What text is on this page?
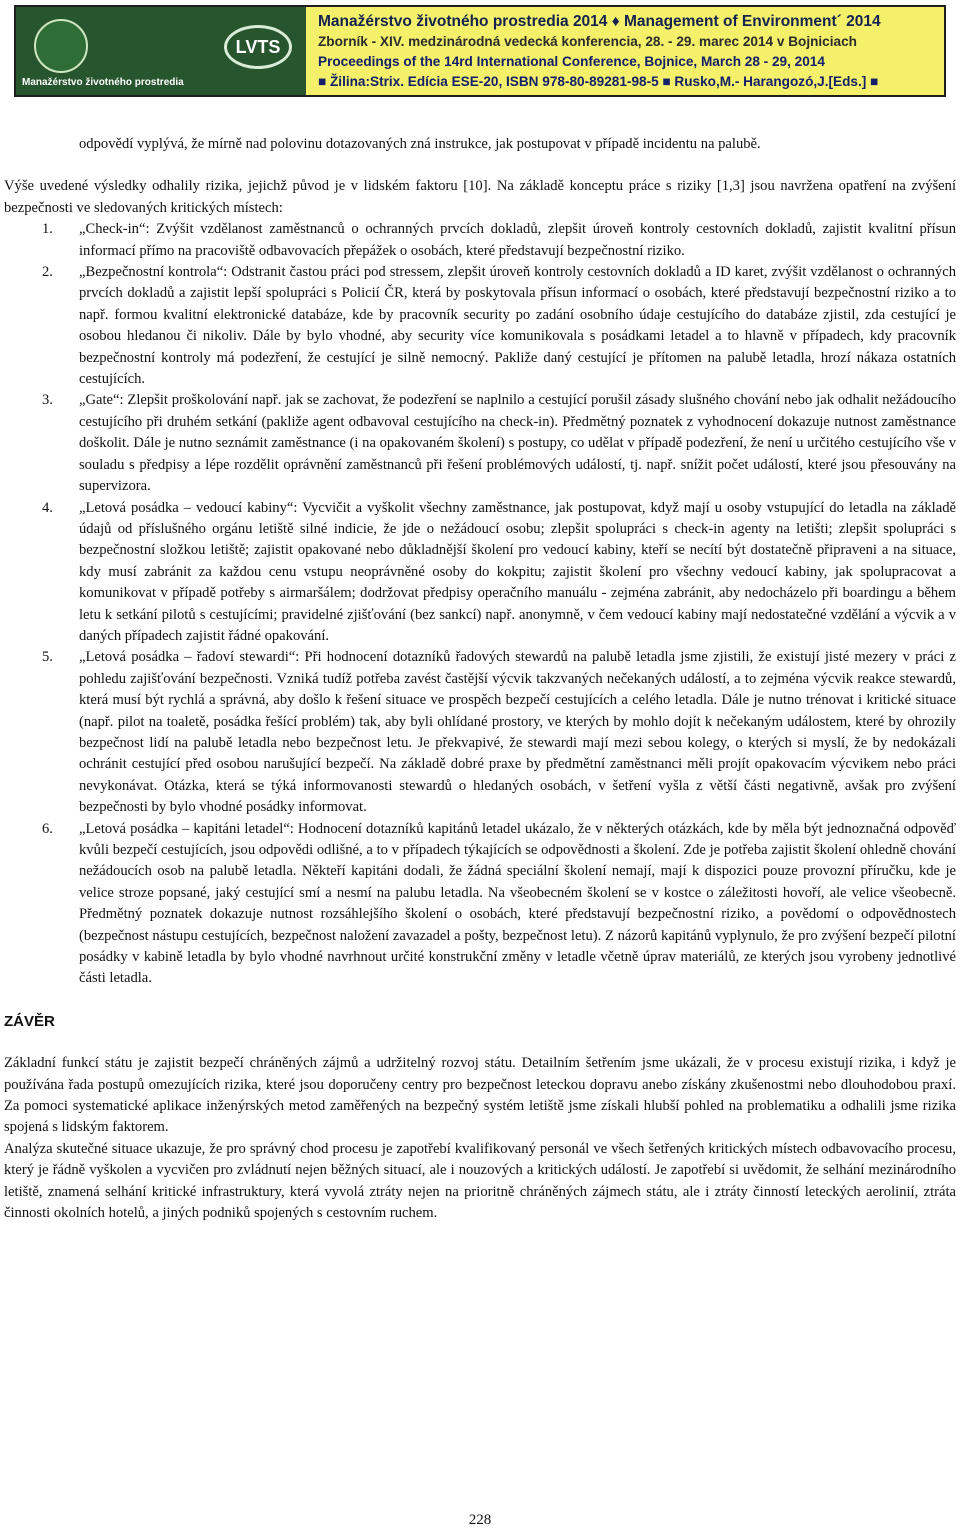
Manažérstvo životného prostredia
LVTS
Manažérstvo životného prostredia 2014 ♦ Management of Environment´ 2014
Zborník - XIV. medzinárodná vedecká konferencia, 28. - 29. marec 2014 v Bojniciach
Proceedings of the 14rd International Conference, Bojnice, March 28 - 29, 2014
■ Žilina:Strix. Edícia ESE-20, ISBN 978-80-89281-98-5 ■ Rusko,M.- Harangozó,J.[Eds.] ■

odpovědí vyplývá, že mírně nad polovinu dotazovaných zná instrukce, jak postupovat v případě incidentu na palubě.

Výše uvedené výsledky odhalily rizika, jejichž původ je v lidském faktoru [10]. Na základě konceptu práce s riziky [1,3] jsou navržena opatření na zvýšení bezpečnosti ve sledovaných kritických místech:

1.	„Check-in“: Zvýšit vzdělanost zaměstnanců o ochranných prvcích dokladů, zlepšit úroveň kontroly cestovních dokladů, zajistit kvalitní přísun informací přímo na pracoviště odbavovacích přepážek o osobách, které představují bezpečnostní riziko.
2.	„Bezpečnostní kontrola“: Odstranit častou práci pod stressem, zlepšit úroveň kontroly cestovních dokladů a ID karet, zvýšit vzdělanost o ochranných prvcích dokladů a zajistit lepší spolupráci s Policií ČR, která by poskytovala přísun informací o osobách, které představují bezpečnostní riziko a to např. formou kvalitní elektronické databáze, kde by pracovník security po zadání osobního údaje cestujícího do databáze zjistil, zda cestující je osobou hledanou či nikoliv. Dále by bylo vhodné, aby security více komunikovala s posádkami letadel a to hlavně v případech, kdy pracovník bezpečnostní kontroly má podezření, že cestující je silně nemocný. Pakliže daný cestující je přítomen na palubě letadla, hrozí nákaza ostatních cestujících.
3.	„Gate“: Zlepšit proškolování např. jak se zachovat, že podezření se naplnilo a cestující porušil zásady slušného chování nebo jak odhalit nežádoucího cestujícího při druhém setkání (pakliže agent odbavoval cestujícího na check-in). Předmětný poznatek z vyhodnocení dokazuje nutnost zaměstnance doškolit. Dále je nutno seznámit zaměstnance (i na opakovaném školení) s postupy, co udělat v případě podezření, že není u určitého cestujícího vše v souladu s předpisy a lépe rozdělit oprávnění zaměstnanců při řešení problémových událostí, tj. např. snížit počet událostí, které jsou přesouvány na supervizora.
4.	„Letová posádka – vedoucí kabiny“: Vycvičit a vyškolit všechny zaměstnance, jak postupovat, když mají u osoby vstupující do letadla na základě údajů od příslušného orgánu letiště silné indicie, že jde o nežádoucí osobu; zlepšit spolupráci s check-in agenty na letišti; zlepšit spolupráci s bezpečnostní složkou letiště; zajistit opakované nebo důkladnější školení pro vedoucí kabiny, kteří se necítí být dostatečně připraveni a na situace, kdy musí zabránit za každou cenu vstupu neoprávněné osoby do kokpitu; zajistit školení pro všechny vedoucí kabiny, jak spolupracovat a komunikovat v případě potřeby s airmaršálem; dodržovat předpisy operačního manuálu - zejména zabránit, aby nedocházelo při boardingu a během letu k setkání pilotů s cestujícími; pravidelné zjišťování (bez sankcí) např. anonymně, v čem vedoucí kabiny mají nedostatečné vzdělání a výcvik a v daných případech zajistit řádné opakování.
5.	„Letová posádka – řadoví stewardi“: Při hodnocení dotazníků řadových stewardů na palubě letadla jsme zjistili, že existují jisté mezery v práci z pohledu zajišťování bezpečnosti. Vzniká tudíž potřeba zavést častější výcvik takzvaných nečekaných událostí, a to zejména výcvik reakce stewardů, která musí být rychlá a správná, aby došlo k řešení situace ve prospěch bezpečí cestujících a celého letadla. Dále je nutno trénovat i kritické situace (např. pilot na toaletě, posádka řešící problém) tak, aby byli ohlídané prostory, ve kterých by mohlo dojít k nečekaným událostem, které by ohrozily bezpečnost lidí na palubě letadla nebo bezpečnost letu. Je překvapivé, že stewardi mají mezi sebou kolegy, o kterých si myslí, že by nedokázali ochránit cestující před osobou narušující bezpečí. Na základě dobré praxe by předmětní zaměstnanci měli projít opakovacím výcvikem nebo práci nevykonávat. Otázka, která se týká informovanosti stewardů o hledaných osobách, v šetření vyšla z větší části negativně, avšak pro zvýšení bezpečnosti by bylo vhodné posádky informovat.
6.	„Letová posádka – kapitáni letadel“: Hodnocení dotazníků kapitánů letadel ukázalo, že v některých otázkách, kde by měla být jednoznačná odpověď kvůli bezpečí cestujících, jsou odpovědi odlišné, a to v případech týkajících se odpovědnosti a školení. Zde je potřeba zajistit školení ohledně chování nežádoucích osob na palubě letadla. Někteří kapitáni dodali, že žádná speciální školení nemají, mají k dispozici pouze provozní příručku, kde je velice stroze popsané, jaký cestující smí a nesmí na palubu letadla. Na všeobecném školení se v kostce o záležitosti hovoří, ale velice všeobecně. Předmětný poznatek dokazuje nutnost rozsáhlejšího školení o osobách, které představují bezpečnostní riziko, a povědomí o odpovědnostech (bezpečnost nástupu cestujících, bezpečnost naložení zavazadel a pošty, bezpečnost letu). Z názorů kapitánů vyplynulo, že pro zvýšení bezpečí pilotní posádky v kabině letadla by bylo vhodné navrhnout určité konstrukční změny v letadle včetně úprav materiálů, ze kterých jsou vyrobeny jednotlivé části letadla.
ZÁVĚR

Základní funkcí státu je zajistit bezpečí chráněných zájmů a udržitelný rozvoj státu. Detailním šetřením jsme ukázali, že v procesu existují rizika, i když je používána řada postupů omezujících rizika, které jsou doporučeny centry pro bezpečnost leteckou dopravu anebo získány zkušenostmi nebo dlouhodobou praxí. Za pomoci systematické aplikace inženýrských metod zaměřených na bezpečný systém letiště jsme získali hlubší pohled na problematiku a odhalili jsme rizika spojená s lidským faktorem.

Analýza skutečné situace ukazuje, že pro správný chod procesu je zapotřebí kvalifikovaný personál ve všech šetřených kritických místech odbavovacího procesu, který je řádně vyškolen a vycvičen pro zvládnutí nejen běžných situací, ale i nouzových a kritických událostí. Je zapotřebí si uvědomit, že selhání mezinárodního letiště, znamená selhání kritické infrastruktury, která vyvolá ztráty nejen na prioritně chráněných zájmech státu, ale i ztráty činností leteckých aerolinií, ztráta činnosti okolních hotelů, a jiných podniků spojených s cestovním ruchem.

228
